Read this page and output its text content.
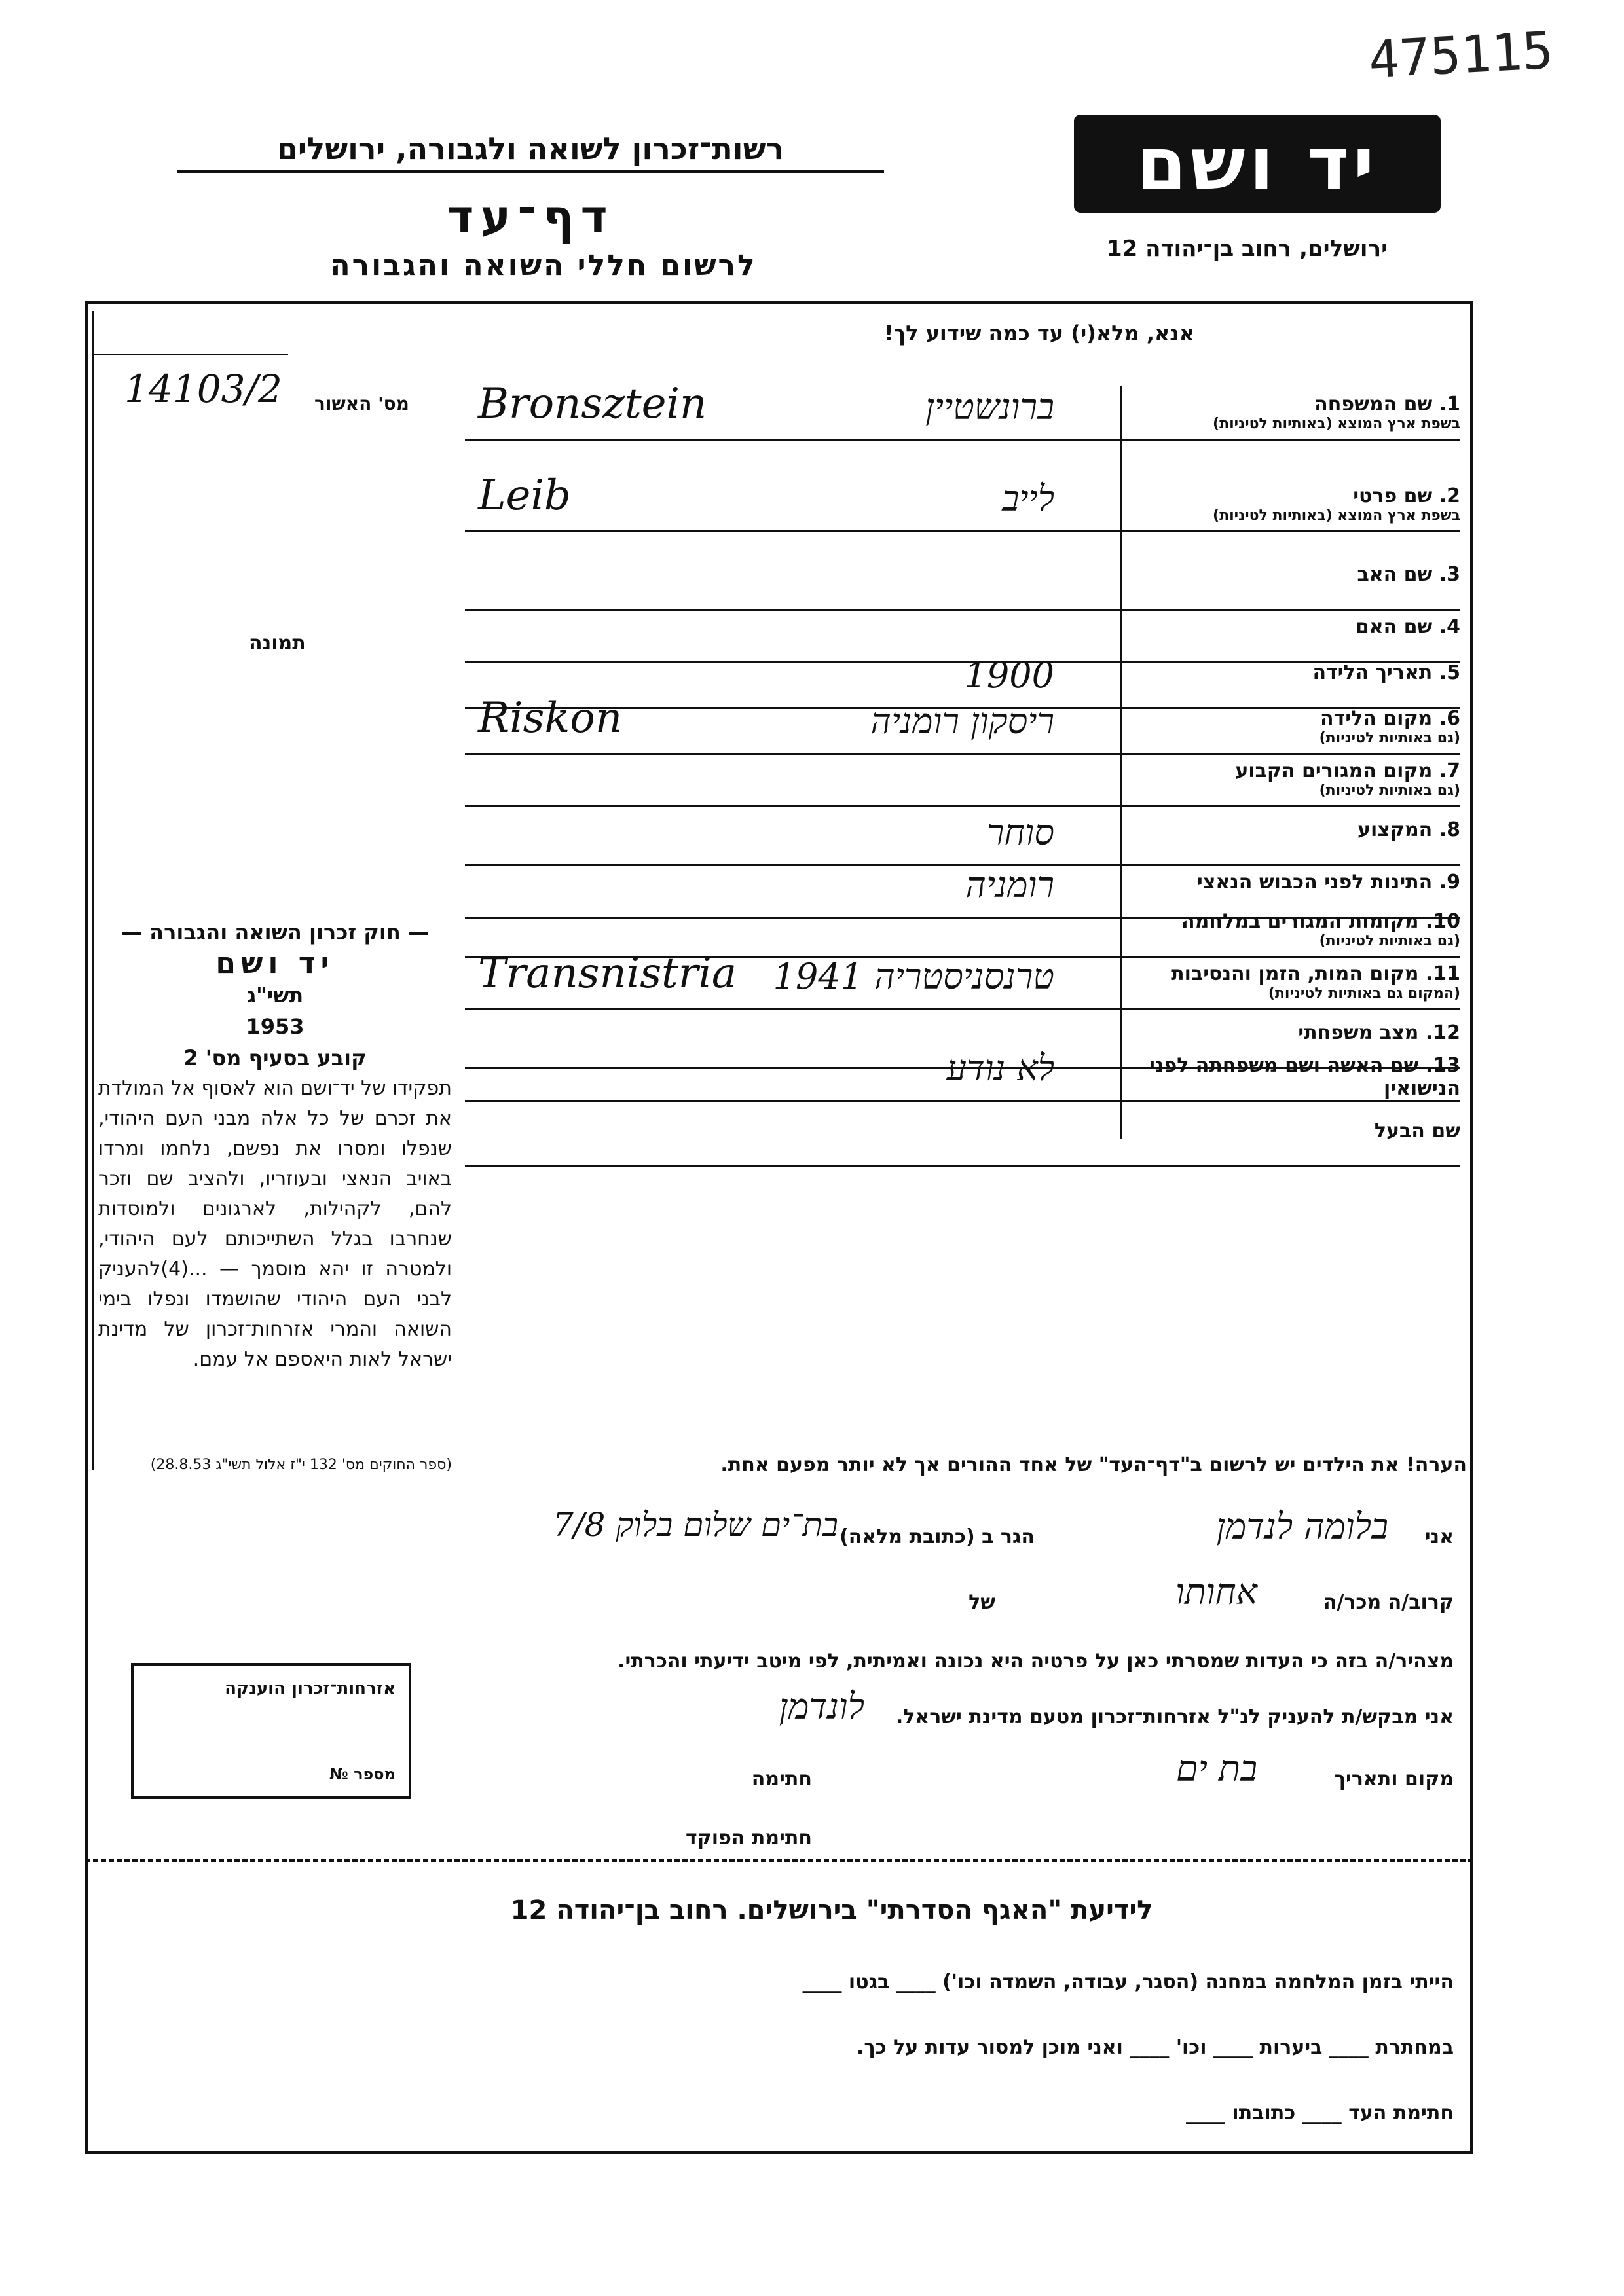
475115
יד ושם
ירושלים, רחוב בן־יהודה 12
רשות־זכרון לשואה ולגבורה, ירושלים
דף־עד
לרשום חללי השואה והגבורה
מס' האשור
14103/2
תמונה
— חוק זכרון השואה והגבורה —
יד ושם
תשי"ג
1953
קובע בסעיף מס' 2
תפקידו של יד־ושם הוא לאסוף אל המולדת את זכרם של כל אלה מבני העם היהודי, שנפלו ומסרו את נפשם, נלחמו ומרדו באויב הנאצי ובעוזריו, ולהציב שם וזכר להם, לקהילות, לארגונים ולמוסדות שנחרבו בגלל השתייכותם לעם היהודי, ולמטרה זו יהא מוסמך — ...(4)להעניק לבני העם היהודי שהושמדו ונפלו בימי השואה והמרי אזרחות־זכרון של מדינת ישראל לאות היאספם אל עמם.
(ספר החוקים מס' 132 י"ז אלול תשי"ג 28.8.53)
אנא, מלא(י) עד כמה שידוע לך!
1. שם המשפחה
בשפת ארץ המוצא (באותיות לטיניות)
ברונשטיין
Bronsztein
2. שם פרטי
בשפת ארץ המוצא (באותיות לטיניות)
לייב
Leib
3. שם האב
4. שם האם
5. תאריך הלידה
1900
6. מקום הלידה
(גם באותיות לטיניות)
ריסקון רומניה
Riskon
7. מקום המגורים הקבוע
(גם באותיות לטיניות)
8. המקצוע
סוחר
9. התינות לפני הכבוש הנאצי
רומניה
10. מקומות המגורים במלחמה
(גם באותיות לטיניות)
11. מקום המות, הזמן והנסיבות
(המקום גם באותיות לטיניות)
טרנסניסטריה 1941
Transnistria
12. מצב משפחתי
13. שם האשה ושם משפחתה לפני הנישואין
לא נודע
שם הבעל
הערה! את הילדים יש לרשום ב"דף־העד" של אחד ההורים אך לא יותר מפעם אחת.
אני
בלומה לנדמן
הגר ב (כתובת מלאה)
בת־ים שלום בלוק 7/8
קרוב/ה מכר/ה
אחותו
של
מצהיר/ה בזה כי העדות שמסרתי כאן על פרטיה היא נכונה ואמיתית, לפי מיטב ידיעתי והכרתי.
אני מבקש/ת להעניק לנ"ל אזרחות־זכרון מטעם מדינת ישראל.
לונדמן
מקום ותאריך
בת ים
חתימה
חתימת הפוקד
אזרחות־זכרון הוענקה
מספר №
לידיעת "האגף הסדרתי" בירושלים. רחוב בן־יהודה 12
הייתי בזמן המלחמה במחנה (הסגר, עבודה, השמדה וכו') ____ בגטו ____
במחתרת ____ ביערות ____ וכו' ____ ואני מוכן למסור עדות על כך.
חתימת העד ____ כתובתו ____
